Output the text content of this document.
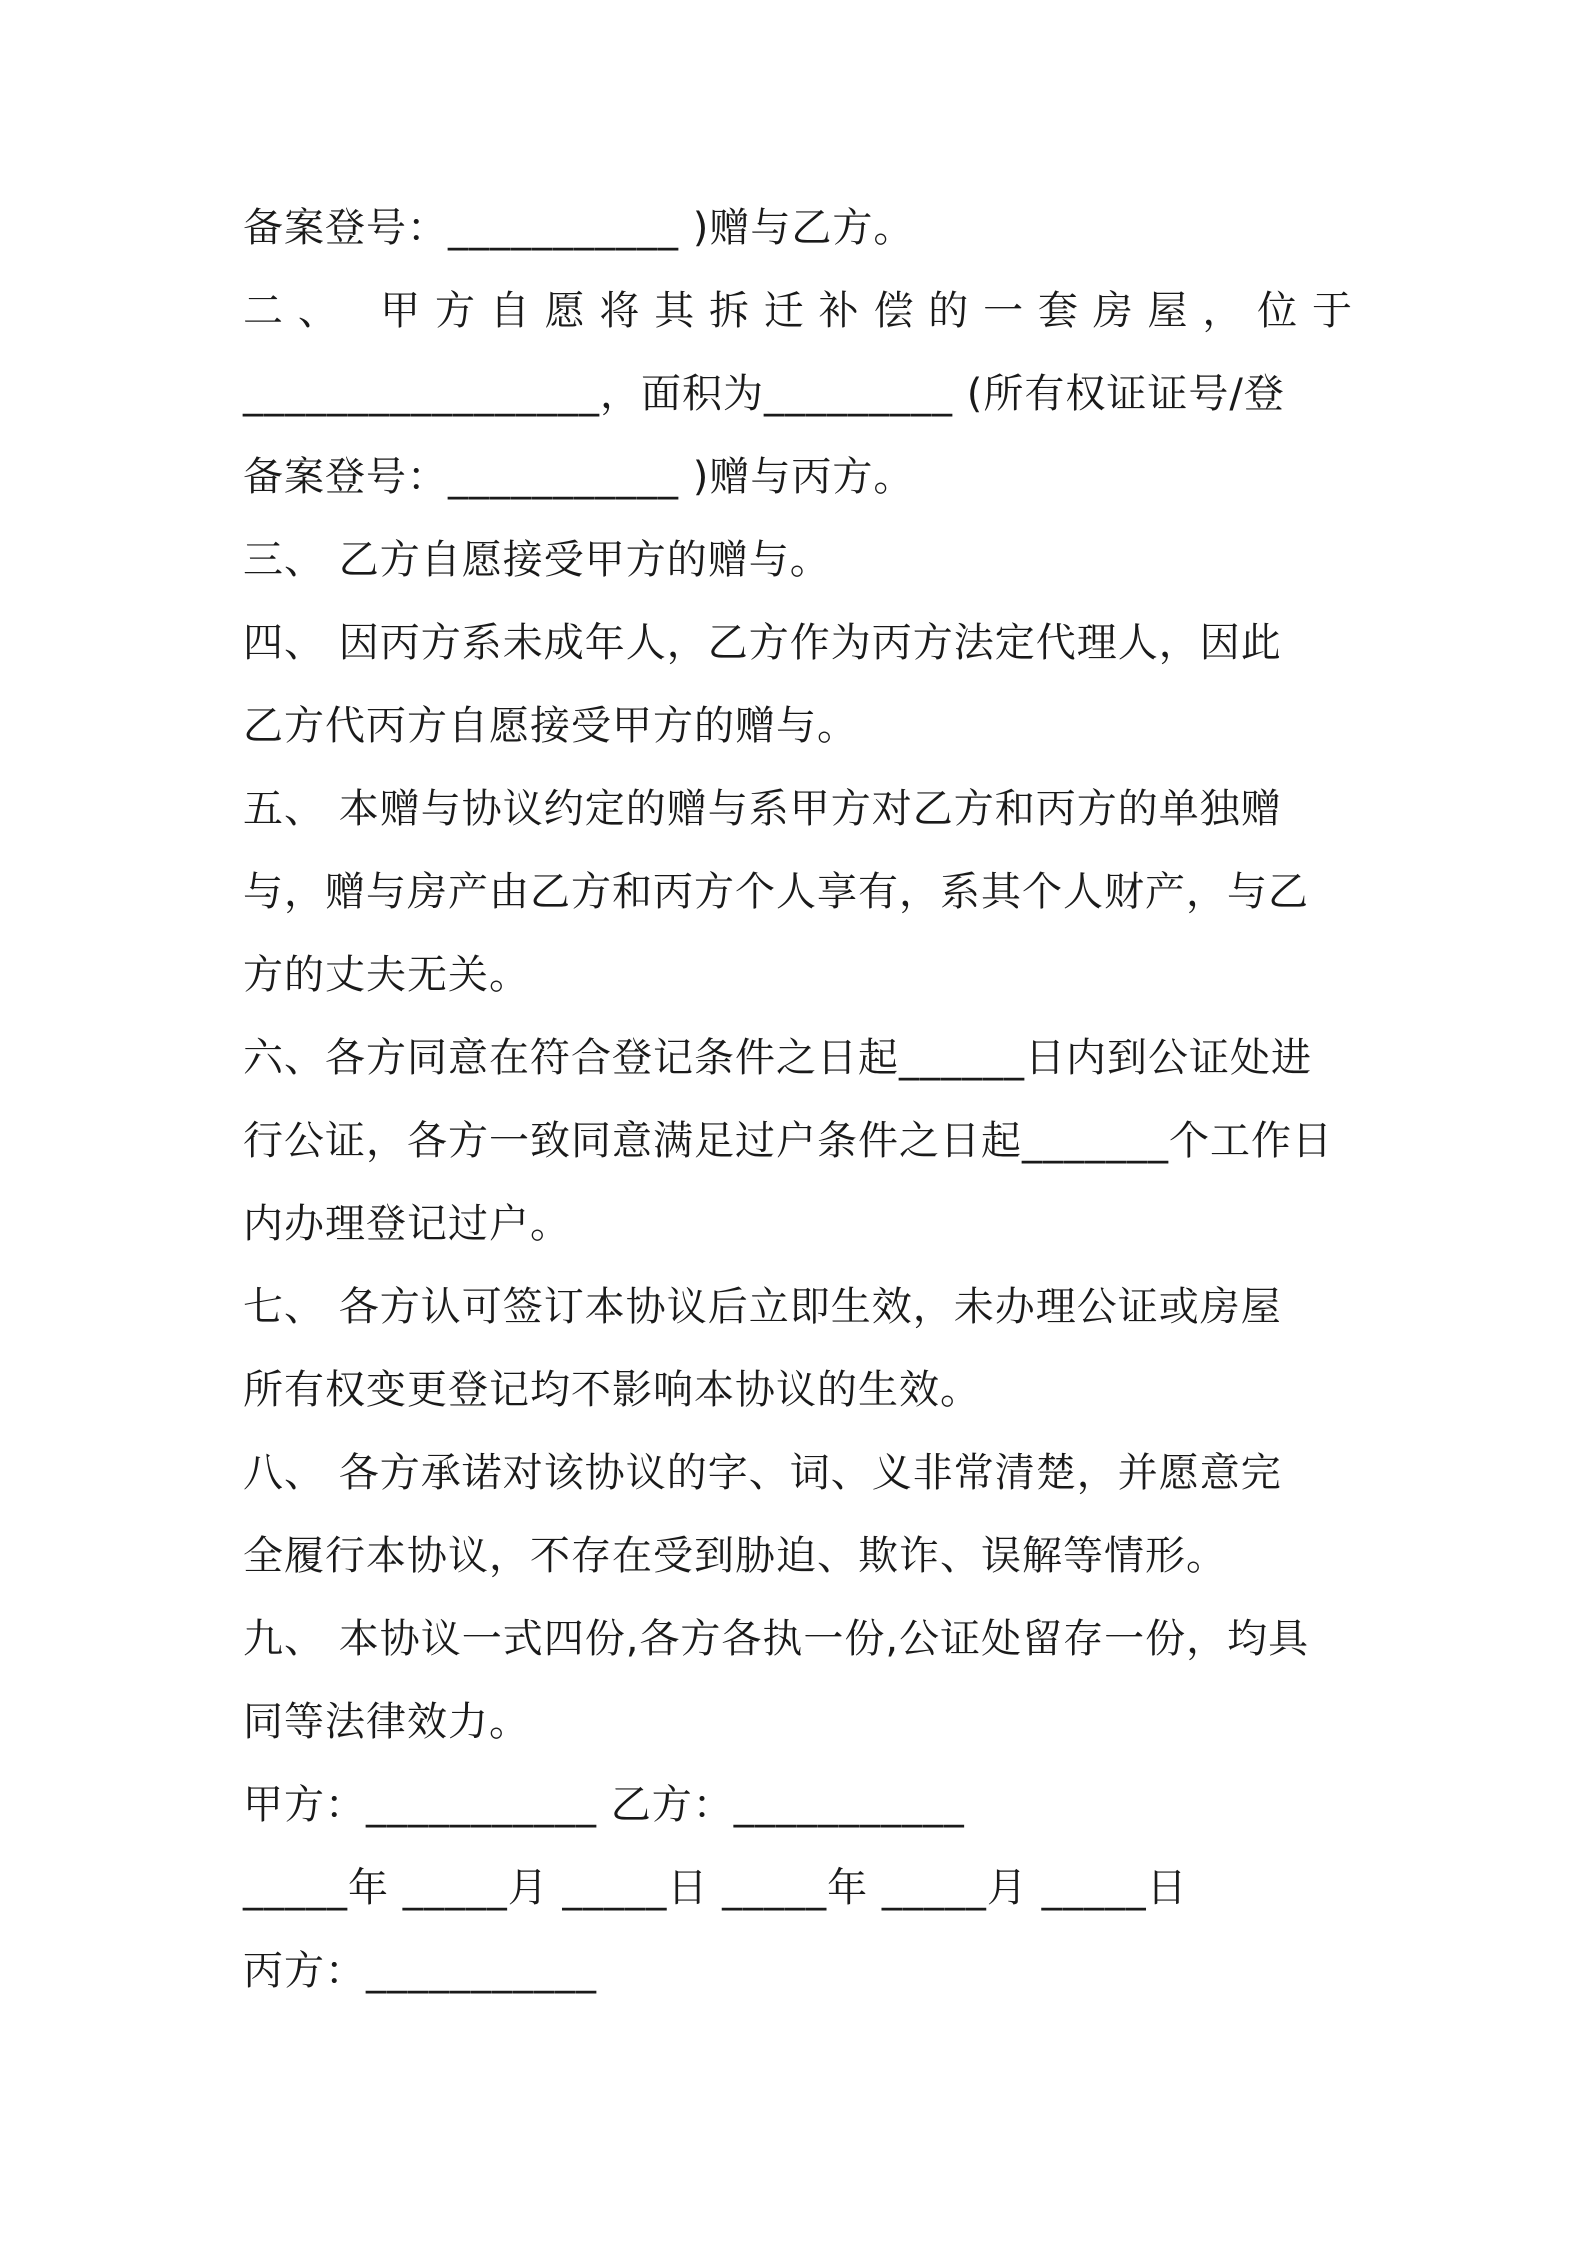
备案登号：___________ )赠与乙方。
二、 甲方自愿将其拆迁补偿的一套房屋，位于
_________________，面积为_________ (所有权证证号/登
备案登号：___________ )赠与丙方。
三、 乙方自愿接受甲方的赠与。
四、 因丙方系未成年人，乙方作为丙方法定代理人，因此
乙方代丙方自愿接受甲方的赠与。
五、 本赠与协议约定的赠与系甲方对乙方和丙方的单独赠
与，赠与房产由乙方和丙方个人享有，系其个人财产，与乙
方的丈夫无关。
六、各方同意在符合登记条件之日起______日内到公证处进
行公证，各方一致同意满足过户条件之日起_______个工作日
内办理登记过户。
七、 各方认可签订本协议后立即生效，未办理公证或房屋
所有权变更登记均不影响本协议的生效。
八、 各方承诺对该协议的字、词、义非常清楚，并愿意完
全履行本协议，不存在受到胁迫、欺诈、误解等情形。
九、 本协议一式四份,各方各执一份,公证处留存一份，均具
同等法律效力。
甲方：___________ 乙方：___________
_____年 _____月 _____日 _____年 _____月 _____日
丙方：___________
